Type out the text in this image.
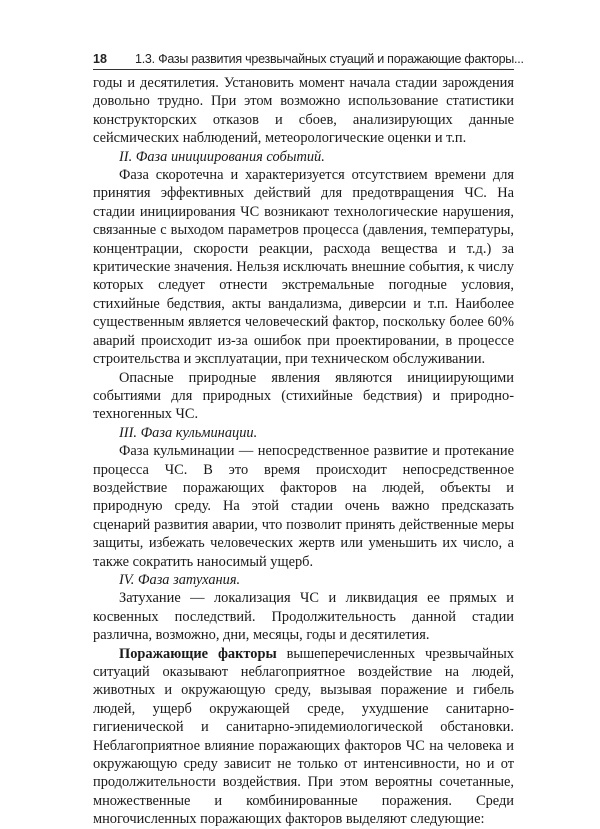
18 1.3. Фазы развития чрезвычайных стуаций и поражающие факторы...

годы и десятилетия. Установить момент начала стадии зарождения довольно трудно. При этом возможно использование статистики конструкторских отказов и сбоев, анализирующих данные сейсмических наблюдений, метеорологические оценки и т.п.

II. Фаза инициирования событий.

Фаза скоротечна и характеризуется отсутствием времени для принятия эффективных действий для предотвращения ЧС. На стадии инициирования ЧС возникают технологические нарушения, связанные с выходом параметров процесса (давления, температуры, концентрации, скорости реакции, расхода вещества и т.д.) за критические значения. Нельзя исключать внешние события, к числу которых следует отнести экстремальные погодные условия, стихийные бедствия, акты вандализма, диверсии и т.п. Наиболее существенным является человеческий фактор, поскольку более 60% аварий происходит из-за ошибок при проектировании, в процессе строительства и эксплуатации, при техническом обслуживании.

Опасные природные явления являются инициирующими событиями для природных (стихийные бедствия) и природно-техногенных ЧС.

III. Фаза кульминации.

Фаза кульминации — непосредственное развитие и протекание процесса ЧС. В это время происходит непосредственное воздействие поражающих факторов на людей, объекты и природную среду. На этой стадии очень важно предсказать сценарий развития аварии, что позволит принять действенные меры защиты, избежать человеческих жертв или уменьшить их число, а также сократить наносимый ущерб.

IV. Фаза затухания.

Затухание — локализация ЧС и ликвидация ее прямых и косвенных последствий. Продолжительность данной стадии различна, возможно, дни, месяцы, годы и десятилетия.

Поражающие факторы вышеперечисленных чрезвычайных ситуаций оказывают неблагоприятное воздействие на людей, животных и окружающую среду, вызывая поражение и гибель людей, ущерб окружающей среде, ухудшение санитарно-гигиенической и санитарно-эпидемиологической обстановки. Неблагоприятное влияние поражающих факторов ЧС на человека и окружающую среду зависит не только от интенсивности, но и от продолжительности воздействия. При этом вероятны сочетанные, множественные и комбинированные поражения. Среди многочисленных поражающих факторов выделяют следующие:
